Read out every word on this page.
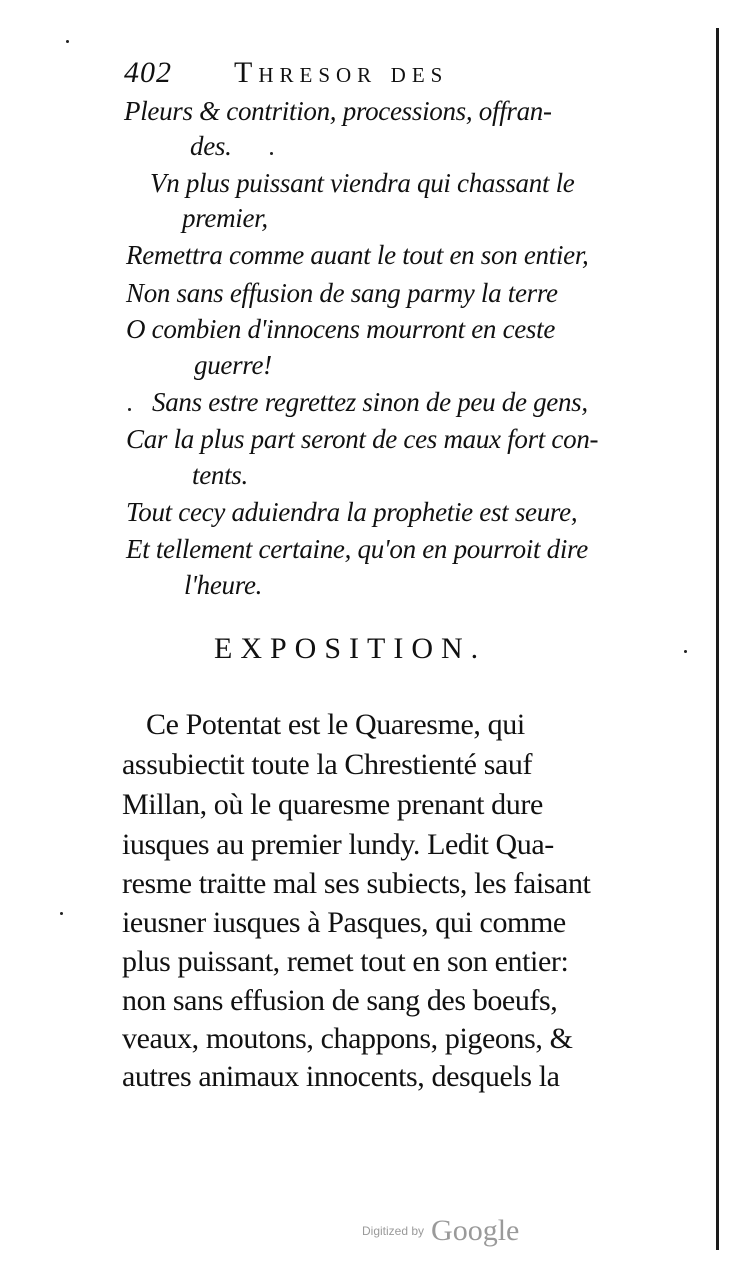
402 Thresor des
Pleurs & contrition, processions, offran-
des.
Vn plus puissant viendra qui chassant le
premier,
Remettra comme auant le tout en son entier,
Non sans effusion de sang parmy la terre
O combien d'innocens mourront en ceste
guerre!
Sans estre regrettez sinon de peu de gens,
Car la plus part seront de ces maux fort con-
tents.
Tout cecy aduiendra la prophetie est seure,
Et tellement certaine, qu'on en pourroit dire
l'heure.
EXPOSITION.
Ce Potentat est le Quaresme, qui
assubiectit toute la Chrestienté sauf
Millan, où le quaresme prenant dure
iusques au premier lundy. Ledit Qua-
resme traitte mal ses subiects, les faisant
ieusner iusques à Pasques, qui comme
plus puissant, remet tout en son entier:
non sans effusion de sang des boeufs,
veaux, moutons, chappons, pigeons, &
autres animaux innocents, desquels la
Digitized by Google
